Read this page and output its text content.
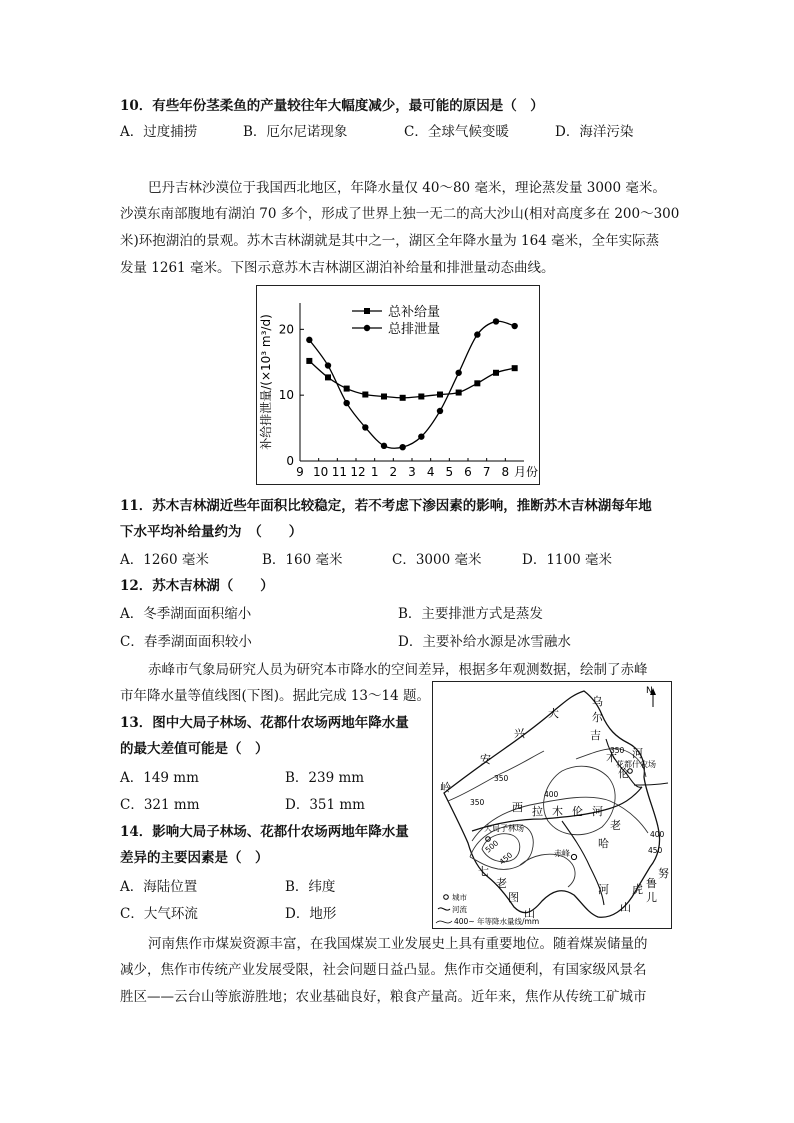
10．有些年份茎柔鱼的产量较往年大幅度减少，最可能的原因是（　）
A．过度捕捞	B．厄尔尼诺现象	C．全球气候变暖	D．海洋污染
巴丹吉林沙漠位于我国西北地区，年降水量仅 40～80 毫米，理论蒸发量 3000 毫米。
沙漠东南部腹地有湖泊 70 多个，形成了世界上独一无二的高大沙山(相对高度多在 200～300
米)环抱湖泊的景观。苏木吉林湖就是其中之一，湖区全年降水量为 164 毫米，全年实际蒸
发量 1261 毫米。下图示意苏木吉林湖区湖泊补给量和排泄量动态曲线。
0
10
20
9 10 11 12 1 2 3 4 5 6 7 8 月份
补给排泄量/(×10³ m³/d)
总补给量
总排泄量
11．苏木吉林湖近些年面积比较稳定，若不考虑下渗因素的影响，推断苏木吉林湖每年地
下水平均补给量约为　（　　）
A．1260 毫米	B．160 毫米	C．3000 毫米	D．1100 毫米
12．苏木吉林湖（　　）
A．冬季湖面面积缩小	B．主要排泄方式是蒸发
C．春季湖面面积较小	D．主要补给水源是冰雪融水
赤峰市气象局研究人员为研究本市降水的空间差异，根据多年观测数据，绘制了赤峰
市年降水量等值线图(下图)。据此完成 13～14 题。
13．图中大局子林场、花都什农场两地年降水量
的最大差值可能是（　）
A．149 mm	B．239 mm
C．321 mm	D．351 mm
14．影响大局子林场、花都什农场两地年降水量
差异的主要因素是（　）
A．海陆位置	B．纬度
C．大气环流	D．地形
N
花都什农场
大局子林场
赤峰
大
兴
安
岭
七
老
图
山
努
鲁
儿
虎
山
乌
尔
吉
木
伦
河
西 拉 木 伦 河
老
哈
河
350
350
400
450
500	450
400
350
城市
河流
400~ 年等降水量线/mm
河南焦作市煤炭资源丰富，在我国煤炭工业发展史上具有重要地位。随着煤炭储量的
减少，焦作市传统产业发展受限，社会问题日益凸显。焦作市交通便利，有国家级风景名
胜区——云台山等旅游胜地；农业基础良好，粮食产量高。近年来，焦作从传统工矿城市
